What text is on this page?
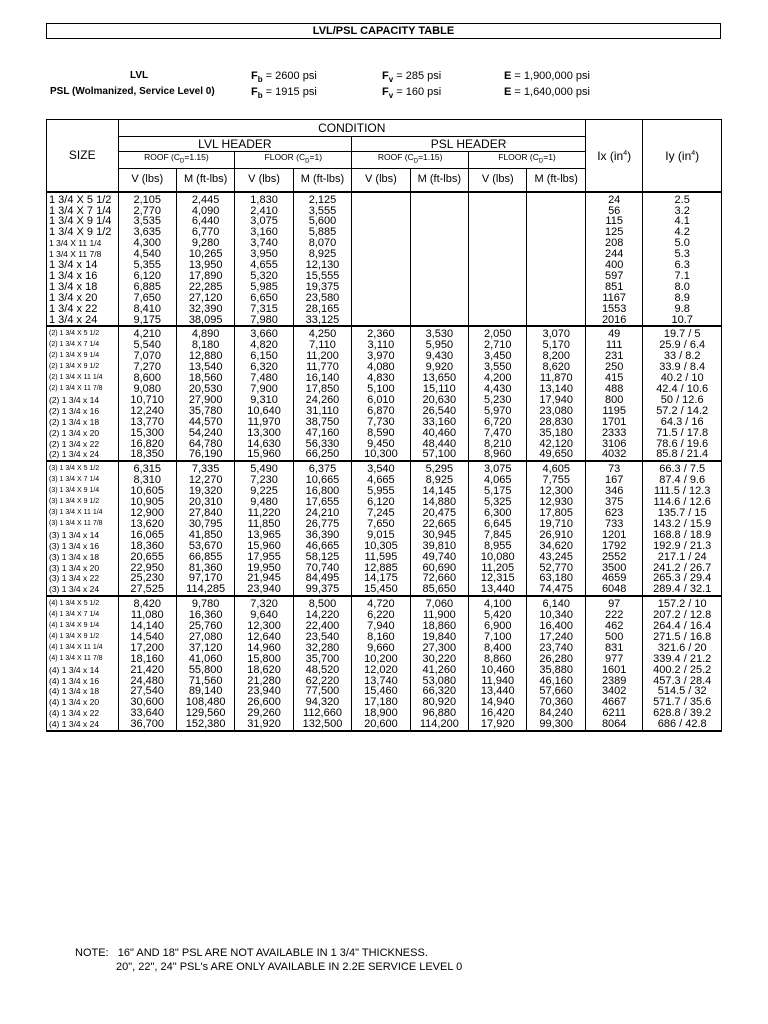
LVL/PSL CAPACITY TABLE
LVL	$F_b = 2600$ psi	$F_v = 285$ psi	E = 1,900,000 psi
PSL (Wolmanized, Service Level 0)	$F_b = 1915$ psi	$F_v = 160$ psi	E = 1,640,000 psi
SIZE	CONDITION								Ix $(in^4)$	Iy $(in^4)$
	LVL HEADER				PSL HEADER					
	ROOF $(C_D=1.15)$		FLOOR $(C_D=1)$		ROOF $(C_D=1.15)$		FLOOR $(C_D=1)$			
	V (lbs)	M (ft-lbs)	V (lbs)	M (ft-lbs)	V (lbs)	M (ft-lbs)	V (lbs)	M (ft-lbs)		
1 3/4 X 5 1/2	2,105	2,445	1,830	2,125					24	2.5
1 3/4 X 7 1/4	2,770	4,090	2,410	3,555					56	3.2
1 3/4 X 9 1/4	3,535	6,440	3,075	5,600					115	4.1
1 3/4 X 9 1/2	3,635	6,770	3,160	5,885					125	4.2
1 3/4 X 11 1/4	4,300	9,280	3,740	8,070					208	5.0
1 3/4 X 11 7/8	4,540	10,265	3,950	8,925					244	5.3
1 3/4 x 14	5,355	13,950	4,655	12,130					400	6.3
1 3/4 x 16	6,120	17,890	5,320	15,555					597	7.1
1 3/4 x 18	6,885	22,285	5,985	19,375					851	8.0
1 3/4 x 20	7,650	27,120	6,650	23,580					1167	8.9
1 3/4 x 22	8,410	32,390	7,315	28,165					1553	9.8
1 3/4 x 24	9,175	38,095	7,980	33,125					2016	10.7
(2) 1 3/4 X 5 1/2	4,210	4,890	3,660	4,250	2,360	3,530	2,050	3,070	49	19.7 / 5
(2) 1 3/4 X 7 1/4	5,540	8,180	4,820	7,110	3,110	5,950	2,710	5,170	111	25.9 / 6.4
(2) 1 3/4 X 9 1/4	7,070	12,880	6,150	11,200	3,970	9,430	3,450	8,200	231	33 / 8.2
(2) 1 3/4 X 9 1/2	7,270	13,540	6,320	11,770	4,080	9,920	3,550	8,620	250	33.9 / 8.4
(2) 1 3/4 X 11 1/4	8,600	18,560	7,480	16,140	4,830	13,650	4,200	11,870	415	40.2 / 10
(2) 1 3/4 X 11 7/8	9,080	20,530	7,900	17,850	5,100	15,110	4,430	13,140	488	42.4 / 10.6
(2) 1 3/4 x 14	10,710	27,900	9,310	24,260	6,010	20,630	5,230	17,940	800	50 / 12.6
(2) 1 3/4 x 16	12,240	35,780	10,640	31,110	6,870	26,540	5,970	23,080	1195	57.2 / 14.2
(2) 1 3/4 x 18	13,770	44,570	11,970	38,750	7,730	33,160	6,720	28,830	1701	64.3 / 16
(2) 1 3/4 x 20	15,300	54,240	13,300	47,160	8,590	40,460	7,470	35,180	2333	71.5 / 17.8
(2) 1 3/4 x 22	16,820	64,780	14,630	56,330	9,450	48,440	8,210	42,120	3106	78.6 / 19.6
(2) 1 3/4 x 24	18,350	76,190	15,960	66,250	10,300	57,100	8,960	49,650	4032	85.8 / 21.4
(3) 1 3/4 X 5 1/2	6,315	7,335	5,490	6,375	3,540	5,295	3,075	4,605	73	66.3 / 7.5
(3) 1 3/4 X 7 1/4	8,310	12,270	7,230	10,665	4,665	8,925	4,065	7,755	167	87.4 / 9.6
(3) 1 3/4 X 9 1/4	10,605	19,320	9,225	16,800	5,955	14,145	5,175	12,300	346	111.5 / 12.3
(3) 1 3/4 X 9 1/2	10,905	20,310	9,480	17,655	6,120	14,880	5,325	12,930	375	114.6 / 12.6
(3) 1 3/4 X 11 1/4	12,900	27,840	11,220	24,210	7,245	20,475	6,300	17,805	623	135.7 / 15
(3) 1 3/4 X 11 7/8	13,620	30,795	11,850	26,775	7,650	22,665	6,645	19,710	733	143.2 / 15.9
(3) 1 3/4 x 14	16,065	41,850	13,965	36,390	9,015	30,945	7,845	26,910	1201	168.8 / 18.9
(3) 1 3/4 x 16	18,360	53,670	15,960	46,665	10,305	39,810	8,955	34,620	1792	192.9 / 21.3
(3) 1 3/4 x 18	20,655	66,855	17,955	58,125	11,595	49,740	10,080	43,245	2552	217.1 / 24
(3) 1 3/4 x 20	22,950	81,360	19,950	70,740	12,885	60,690	11,205	52,770	3500	241.2 / 26.7
(3) 1 3/4 x 22	25,230	97,170	21,945	84,495	14,175	72,660	12,315	63,180	4659	265.3 / 29.4
(3) 1 3/4 x 24	27,525	114,285	23,940	99,375	15,450	85,650	13,440	74,475	6048	289.4 / 32.1
(4) 1 3/4 X 5 1/2	8,420	9,780	7,320	8,500	4,720	7,060	4,100	6,140	97	157.2 / 10
(4) 1 3/4 X 7 1/4	11,080	16,360	9,640	14,220	6,220	11,900	5,420	10,340	222	207.2 / 12.8
(4) 1 3/4 X 9 1/4	14,140	25,760	12,300	22,400	7,940	18,860	6,900	16,400	462	264.4 / 16.4
(4) 1 3/4 X 9 1/2	14,540	27,080	12,640	23,540	8,160	19,840	7,100	17,240	500	271.5 / 16.8
(4) 1 3/4 X 11 1/4	17,200	37,120	14,960	32,280	9,660	27,300	8,400	23,740	831	321.6 / 20
(4) 1 3/4 X 11 7/8	18,160	41,060	15,800	35,700	10,200	30,220	8,860	26,280	977	339.4 / 21.2
(4) 1 3/4 x 14	21,420	55,800	18,620	48,520	12,020	41,260	10,460	35,880	1601	400.2 / 25.2
(4) 1 3/4 x 16	24,480	71,560	21,280	62,220	13,740	53,080	11,940	46,160	2389	457.3 / 28.4
(4) 1 3/4 x 18	27,540	89,140	23,940	77,500	15,460	66,320	13,440	57,660	3402	514.5 / 32
(4) 1 3/4 x 20	30,600	108,480	26,600	94,320	17,180	80,920	14,940	70,360	4667	571.7 / 35.6
(4) 1 3/4 x 22	33,640	129,560	29,260	112,660	18,900	96,880	16,420	84,240	6211	628.8 / 39.2
(4) 1 3/4 x 24	36,700	152,380	31,920	132,500	20,600	114,200	17,920	99,300	8064	686 / 42.8
NOTE: 16" AND 18" PSL ARE NOT AVAILABLE IN 1 3/4" THICKNESS.
20", 22", 24" PSL's ARE ONLY AVAILABLE IN 2.2E SERVICE LEVEL 0
